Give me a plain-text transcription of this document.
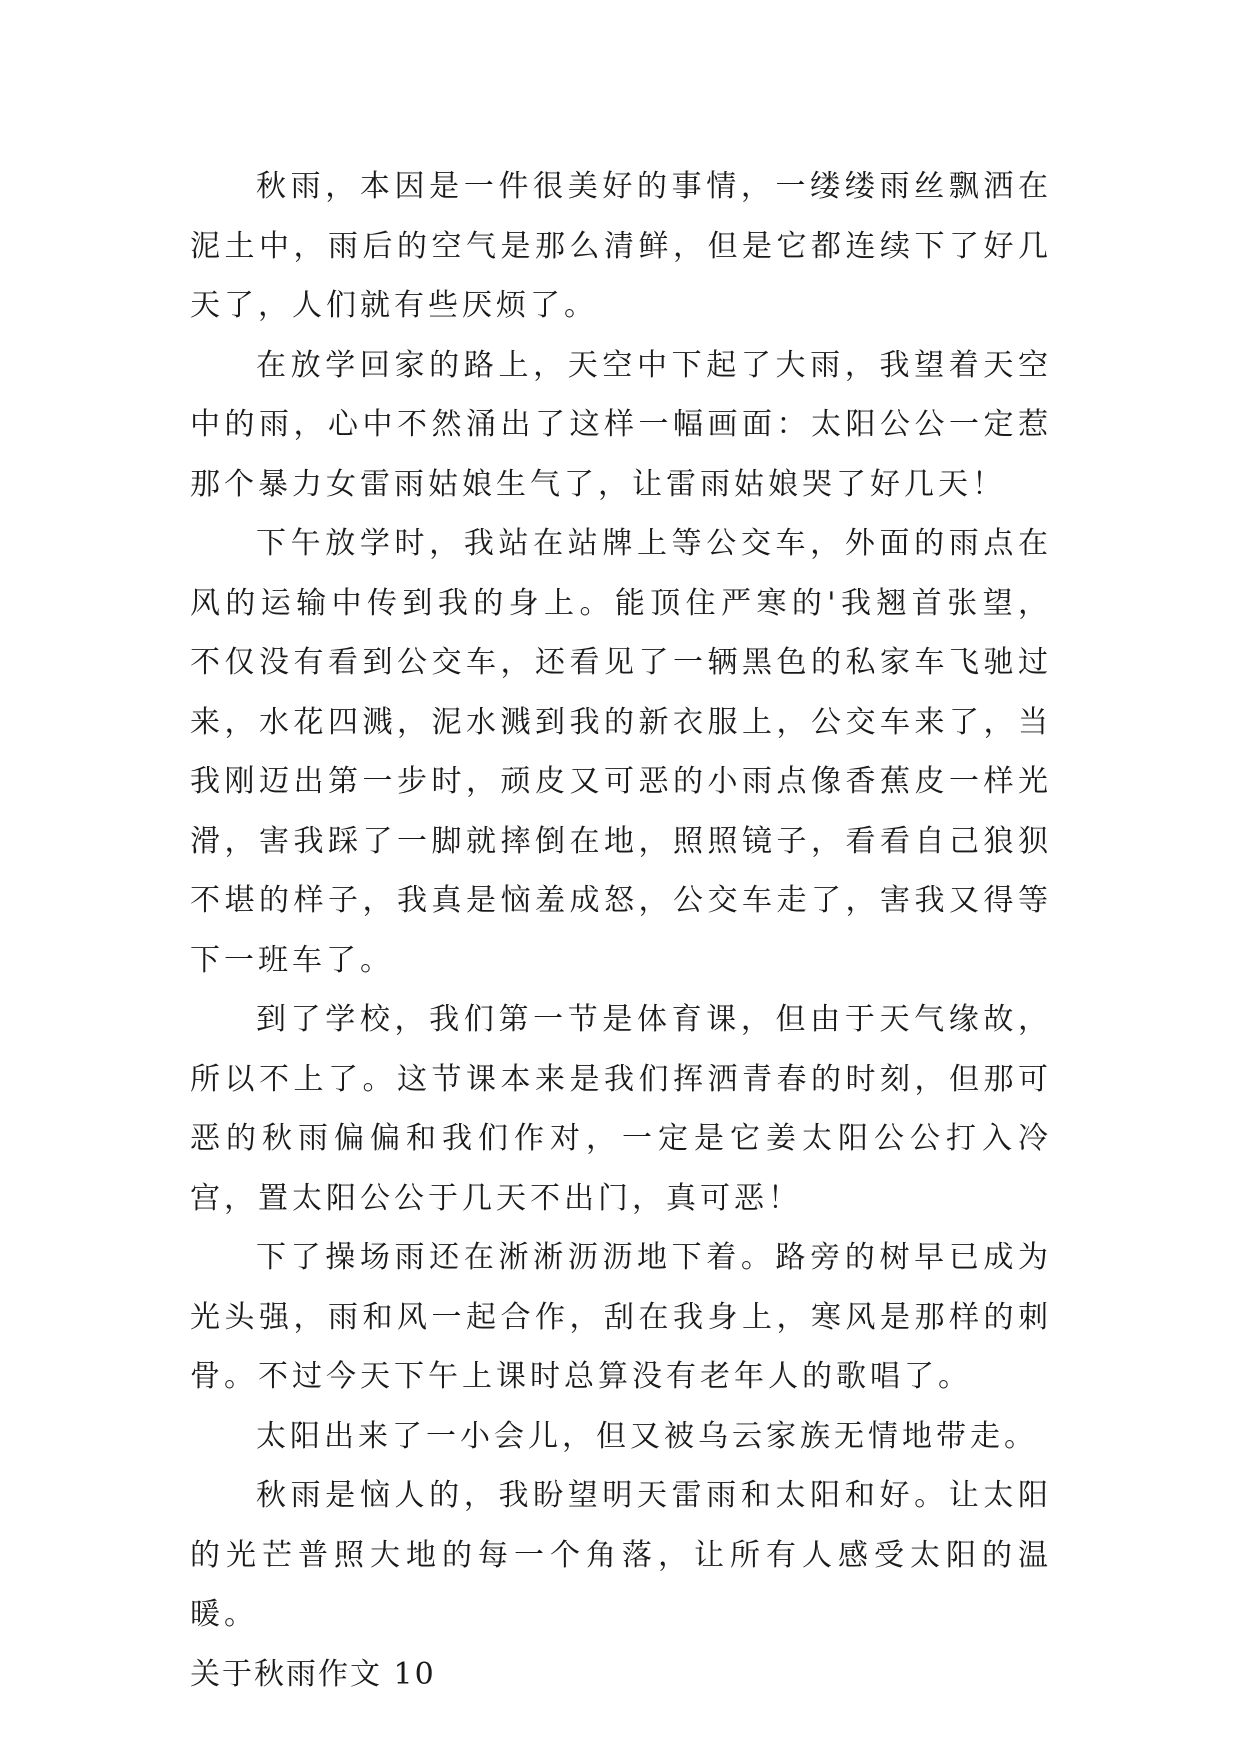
秋雨，本因是一件很美好的事情，一缕缕雨丝飘洒在泥土中，雨后的空气是那么清鲜，但是它都连续下了好几天了，人们就有些厌烦了。

在放学回家的路上，天空中下起了大雨，我望着天空中的雨，心中不然涌出了这样一幅画面：太阳公公一定惹那个暴力女雷雨姑娘生气了，让雷雨姑娘哭了好几天！

下午放学时，我站在站牌上等公交车，外面的雨点在风的运输中传到我的身上。能顶住严寒的'我翘首张望，不仅没有看到公交车，还看见了一辆黑色的私家车飞驰过来，水花四溅，泥水溅到我的新衣服上，公交车来了，当我刚迈出第一步时，顽皮又可恶的小雨点像香蕉皮一样光滑，害我踩了一脚就摔倒在地，照照镜子，看看自己狼狈不堪的样子，我真是恼羞成怒，公交车走了，害我又得等下一班车了。

到了学校，我们第一节是体育课，但由于天气缘故，所以不上了。这节课本来是我们挥洒青春的时刻，但那可恶的秋雨偏偏和我们作对，一定是它姜太阳公公打入冷宫，置太阳公公于几天不出门，真可恶！

下了操场雨还在淅淅沥沥地下着。路旁的树早已成为光头强，雨和风一起合作，刮在我身上，寒风是那样的刺骨。不过今天下午上课时总算没有老年人的歌唱了。

太阳出来了一小会儿，但又被乌云家族无情地带走。

秋雨是恼人的，我盼望明天雷雨和太阳和好。让太阳的光芒普照大地的每一个角落，让所有人感受太阳的温暖。

关于秋雨作文 10
